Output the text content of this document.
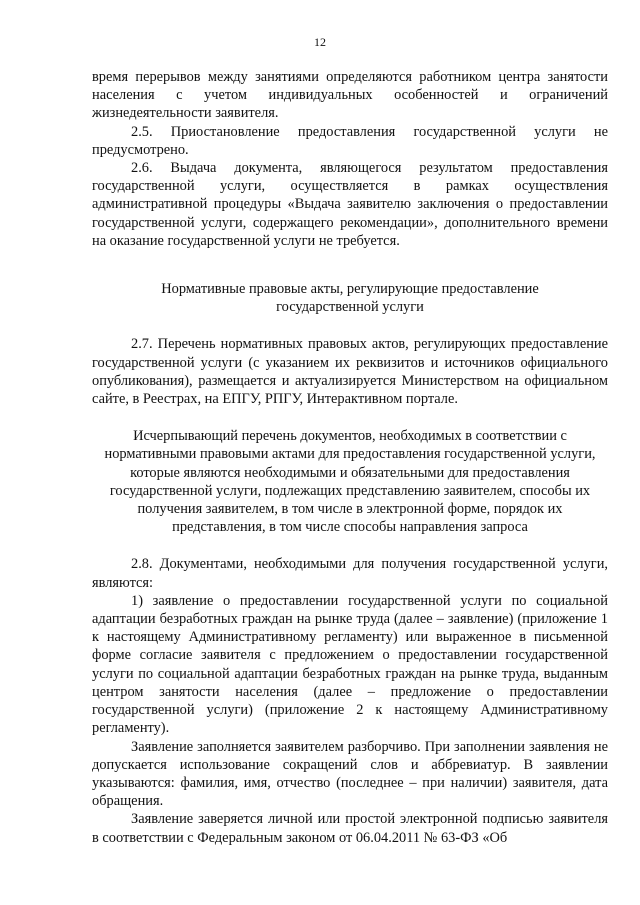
12

время перерывов между занятиями определяются работником центра занятости населения с учетом индивидуальных особенностей и ограничений жизнедеятельности заявителя.

2.5. Приостановление предоставления государственной услуги не предусмотрено.

2.6. Выдача документа, являющегося результатом предоставления государственной услуги, осуществляется в рамках осуществления административной процедуры «Выдача заявителю заключения о предоставлении государственной услуги, содержащего рекомендации», дополнительного времени на оказание государственной услуги не требуется.

Нормативные правовые акты, регулирующие предоставление государственной услуги

2.7. Перечень нормативных правовых актов, регулирующих предоставление государственной услуги (с указанием их реквизитов и источников официального опубликования), размещается и актуализируется Министерством на официальном сайте, в Реестрах, на ЕПГУ, РПГУ, Интерактивном портале.

Исчерпывающий перечень документов, необходимых в соответствии с нормативными правовыми актами для предоставления государственной услуги, которые являются необходимыми и обязательными для предоставления государственной услуги, подлежащих представлению заявителем, способы их получения заявителем, в том числе в электронной форме, порядок их представления, в том числе способы направления запроса

2.8. Документами, необходимыми для получения государственной услуги, являются:

1) заявление о предоставлении государственной услуги по социальной адаптации безработных граждан на рынке труда (далее – заявление) (приложение 1 к настоящему Административному регламенту) или выраженное в письменной форме согласие заявителя с предложением о предоставлении государственной услуги по социальной адаптации безработных граждан на рынке труда, выданным центром занятости населения (далее – предложение о предоставлении государственной услуги) (приложение 2 к настоящему Административному регламенту).

Заявление заполняется заявителем разборчиво. При заполнении заявления не допускается использование сокращений слов и аббревиатур. В заявлении указываются: фамилия, имя, отчество (последнее – при наличии) заявителя, дата обращения.

Заявление заверяется личной или простой электронной подписью заявителя в соответствии с Федеральным законом от 06.04.2011 № 63-ФЗ «Об
